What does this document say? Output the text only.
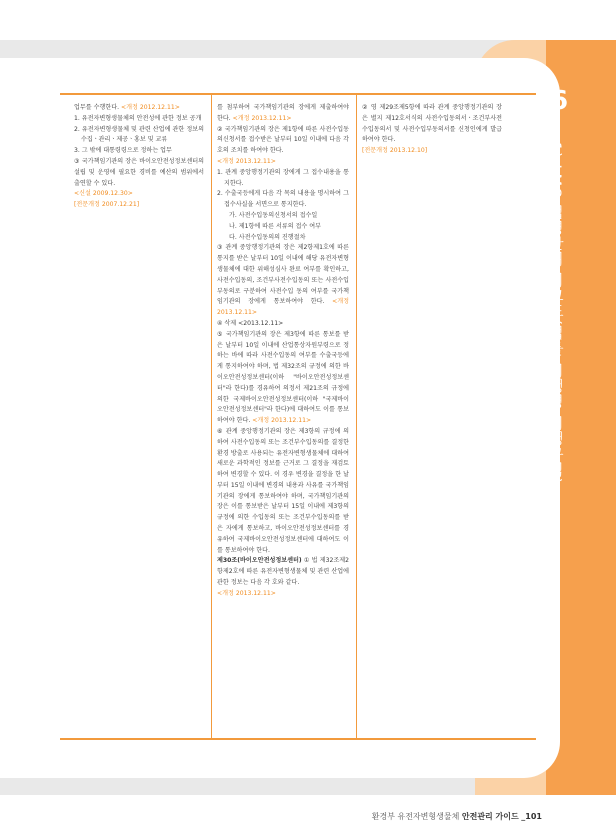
6
1) LMO 법령단위 비교표(법률-시행령-시행규칙)

업무를 수행한다. <개정 2012.12.11>

1. 유전자변형생물체의 안전성에 관한 정보 공개

2. 유전자변형생물체 및 관련 산업에 관한 정보의 수집ㆍ관리ㆍ제공ㆍ홍보 및 교류

3. 그 밖에 대통령령으로 정하는 업무

③ 국가책임기관의 장은 바이오안전성정보센터의 설립 및 운영에 필요한 경비를 예산의 범위에서 출연할 수 있다.

<신설 2009.12.30>

[전문개정 2007.12.21]

를 첨부하여 국가책임기관의 장에게 제출하여야 한다. <개정 2013.12.11>

② 국가책임기관의 장은 제1항에 따른 사전수입동의신청서를 접수받은 날부터 10일 이내에 다음 각 호의 조치를 하여야 한다.

<개정 2013.12.11>

1. 관계 중앙행정기관의 장에게 그 접수내용을 통지한다.

2. 수출국등에게 다음 각 목의 내용을 명시하여 그 접수사실을 서면으로 통지한다.

가. 사전수입동의신청서의 접수일

나. 제1항에 따른 서류의 접수 여부

다. 사전수입동의의 진행절차

③ 관계 중앙행정기관의 장은 제2항제1호에 따른 통지를 받은 날부터 10일 이내에 해당 유전자변형생물체에 대한 위해성심사 완료 여부를 확인하고, 사전수입동의, 조건부사전수입동의 또는 사전수입부동의로 구분하여 사전수입 동의 여부를 국가책임기관의 장에게 통보하여야 한다. <개정 2013.12.11>

④ 삭제 <2013.12.11>

⑤ 국가책임기관의 장은 제3항에 따른 통보를 받은 날부터 10일 이내에 산업통상자원부령으로 정하는 바에 따라 사전수입동의 여부를 수출국등에게 통지하여야 하며, 법 제32조의 규정에 의한 바이오안전성정보센터(이하 "바이오안전성정보센터"라 한다)를 경유하여 의정서 제21조의 규정에 의한 국제바이오안전성정보센터(이하 "국제바이오안전성정보센터"라 한다)에 대하여도 이를 통보하여야 한다. <개정 2013.12.11>

⑥ 관계 중앙행정기관의 장은 제3항의 규정에 의하여 사전수입동의 또는 조건부수입동의를 결정한 환경 방출로 사용되는 유전자변형생물체에 대하여 새로운 과학적인 정보를 근거로 그 결정을 재검토하여 변경할 수 있다. 이 경우 변경을 결정을 한 날부터 15일 이내에 변경의 내용과 사유를 국가책임기관의 장에게 통보하여야 하며, 국가책임기관의 장은 이를 통보받은 날부터 15일 이내에 제3항의 규정에 의한 수입동의 또는 조건부수입동의를 받은 자에게 통보하고, 바이오안전성정보센터를 경유하여 국제바이오안전성정보센터에 대하여도 이를 통보하여야 한다.

제30조(바이오안전성정보센터) ① 법 제32조제2항제2호에 따른 유전자변형생물체 및 관련 산업에 관한 정보는 다음 각 호와 같다.

<개정 2013.12.11>

② 영 제29조제5항에 따라 관계 중앙행정기관의 장은 별지 제12호서식의 사전수입동의서ㆍ조건부사전수입동의서 및 사전수입부동의서를 신청인에게 발급하여야 한다.

[전문개정 2013.12.10]

환경부 유전자변형생물체 안전관리 가이드 _101
